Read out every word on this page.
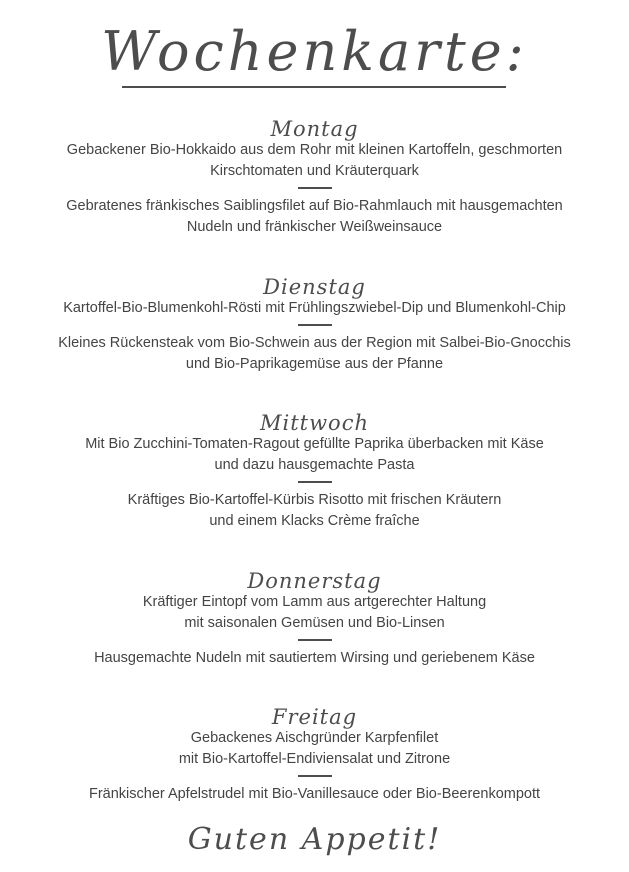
Wochenkarte:
Montag
Gebackener Bio-Hokkaido aus dem Rohr mit kleinen Kartoffeln, geschmorten
Kirschtomaten und Kräuterquark
Gebratenes fränkisches Saiblingsfilet auf Bio-Rahmlauch mit hausgemachten
Nudeln und fränkischer Weißweinsauce
Dienstag
Kartoffel-Bio-Blumenkohl-Rösti mit Frühlingszwiebel-Dip und Blumenkohl-Chip
Kleines Rückensteak vom Bio-Schwein aus der Region mit Salbei-Bio-Gnocchis
und Bio-Paprikagemüse aus der Pfanne
Mittwoch
Mit Bio Zucchini-Tomaten-Ragout gefüllte Paprika überbacken mit Käse
und dazu hausgemachte Pasta
Kräftiges Bio-Kartoffel-Kürbis Risotto mit frischen Kräutern
und einem Klacks Crème fraîche
Donnerstag
Kräftiger Eintopf vom Lamm aus artgerechter Haltung
mit saisonalen Gemüsen und Bio-Linsen
Hausgemachte Nudeln mit sautiertem Wirsing und geriebenem Käse
Freitag
Gebackenes Aischgründer Karpfenfilet
mit Bio-Kartoffel-Endiviensalat und Zitrone
Fränkischer Apfelstrudel mit Bio-Vanillesauce oder Bio-Beerenkompott
Guten Appetit!
